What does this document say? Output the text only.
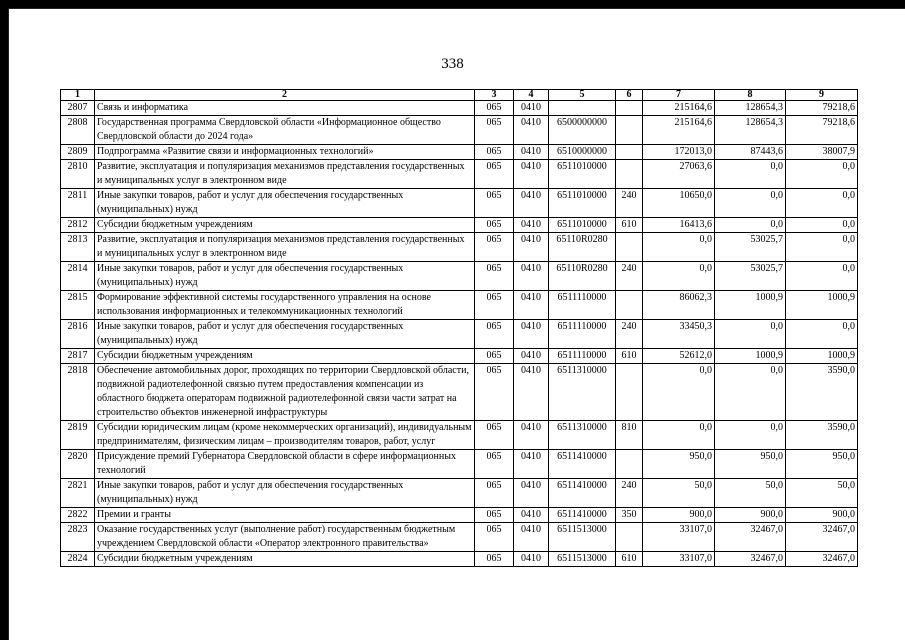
338
1	2	3	4	5	6	7	8	9
2807	Связь и информатика	065	0410			215164,6	128654,3	79218,6
2808	Государственная программа Свердловской области «Информационное общество Свердловской области до 2024 года»	065	0410	6500000000		215164,6	128654,3	79218,6
2809	Подпрограмма «Развитие связи и информационных технологий»	065	0410	6510000000		172013,0	87443,6	38007,9
2810	Развитие, эксплуатация и популяризация механизмов представления государственных и муниципальных услуг в электронном виде	065	0410	6511010000		27063,6	0,0	0,0
2811	Иные закупки товаров, работ и услуг для обеспечения государственных (муниципальных) нужд	065	0410	6511010000	240	10650,0	0,0	0,0
2812	Субсидии бюджетным учреждениям	065	0410	6511010000	610	16413,6	0,0	0,0
2813	Развитие, эксплуатация и популяризация механизмов представления государственных и муниципальных услуг в электронном виде	065	0410	65110R0280		0,0	53025,7	0,0
2814	Иные закупки товаров, работ и услуг для обеспечения государственных (муниципальных) нужд	065	0410	65110R0280	240	0,0	53025,7	0,0
2815	Формирование эффективной системы государственного управления на основе использования информационных и телекоммуникационных технологий	065	0410	6511110000		86062,3	1000,9	1000,9
2816	Иные закупки товаров, работ и услуг для обеспечения государственных (муниципальных) нужд	065	0410	6511110000	240	33450,3	0,0	0,0
2817	Субсидии бюджетным учреждениям	065	0410	6511110000	610	52612,0	1000,9	1000,9
2818	Обеспечение автомобильных дорог, проходящих по территории Свердловской области, подвижной радиотелефонной связью путем предоставления компенсации из областного бюджета операторам подвижной радиотелефонной связи части затрат на строительство объектов инженерной инфраструктуры	065	0410	6511310000		0,0	0,0	3590,0
2819	Субсидии юридическим лицам (кроме некоммерческих организаций), индивидуальным предпринимателям, физическим лицам – производителям товаров, работ, услуг	065	0410	6511310000	810	0,0	0,0	3590,0
2820	Присуждение премий Губернатора Свердловской области в сфере информационных технологий	065	0410	6511410000		950,0	950,0	950,0
2821	Иные закупки товаров, работ и услуг для обеспечения государственных (муниципальных) нужд	065	0410	6511410000	240	50,0	50,0	50,0
2822	Премии и гранты	065	0410	6511410000	350	900,0	900,0	900,0
2823	Оказание государственных услуг (выполнение работ) государственным бюджетным учреждением Свердловской области «Оператор электронного правительства»	065	0410	6511513000		33107,0	32467,0	32467,0
2824	Субсидии бюджетным учреждениям	065	0410	6511513000	610	33107,0	32467,0	32467,0
